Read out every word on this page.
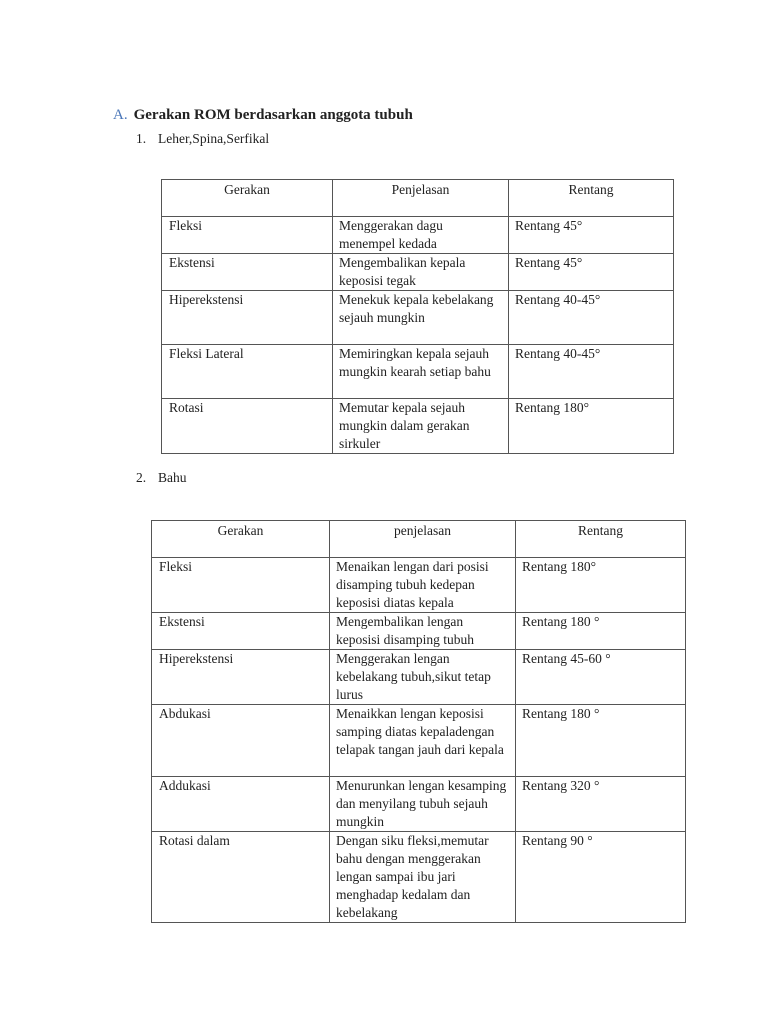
A. Gerakan ROM berdasarkan anggota tubuh
1. Leher,Spina,Serfikal
Gerakan	Penjelasan	Rentang
Fleksi	Menggerakan dagu menempel kedada	Rentang 45°
Ekstensi	Mengembalikan kepala keposisi tegak	Rentang 45°
Hiperekstensi	Menekuk kepala kebelakang sejauh mungkin	Rentang 40-45°
Fleksi Lateral	Memiringkan kepala sejauh mungkin kearah setiap bahu	Rentang 40-45°
Rotasi	Memutar kepala sejauh mungkin dalam gerakan sirkuler	Rentang 180°
2. Bahu
Gerakan	penjelasan	Rentang
Fleksi	Menaikan lengan dari posisi disamping tubuh kedepan keposisi diatas kepala	Rentang 180°
Ekstensi	Mengembalikan lengan keposisi disamping tubuh	Rentang 180 °
Hiperekstensi	Menggerakan lengan kebelakang tubuh,sikut tetap lurus	Rentang 45-60 °
Abdukasi	Menaikkan lengan keposisi samping diatas kepaladengan telapak tangan jauh dari kepala	Rentang 180 °
Addukasi	Menurunkan lengan kesamping dan menyilang tubuh sejauh mungkin	Rentang 320 °
Rotasi dalam	Dengan siku fleksi,memutar bahu dengan menggerakan lengan sampai ibu jari menghadap kedalam dan kebelakang	Rentang 90 °
